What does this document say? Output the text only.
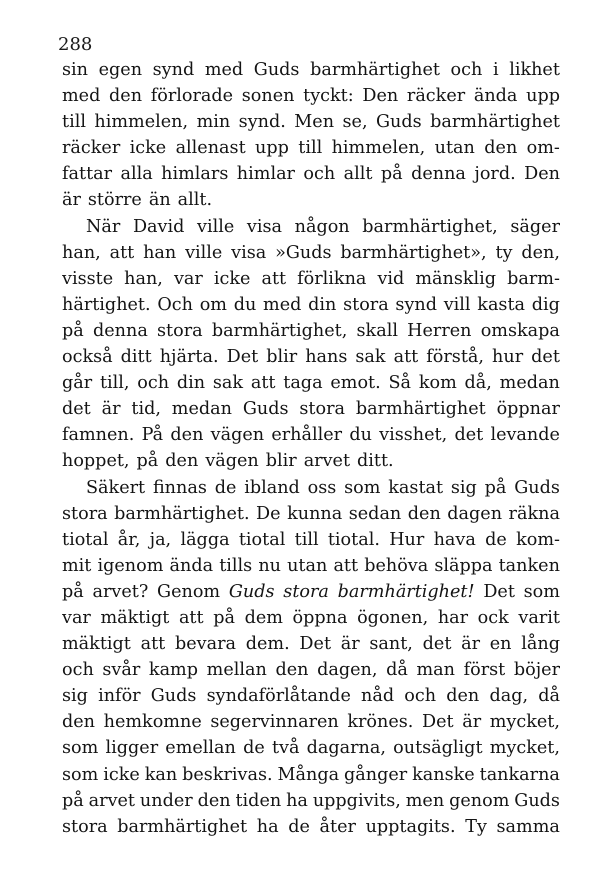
288

sin egen synd med Guds barmhärtighet och i likhet
med den förlorade sonen tyckt: Den räcker ända upp
till himmelen, min synd. Men se, Guds barmhärtighet
räcker icke allenast upp till himmelen, utan den om-
fattar alla himlars himlar och allt på denna jord. Den
är större än allt.
När David ville visa någon barmhärtighet, säger
han, att han ville visa »Guds barmhärtighet», ty den,
visste han, var icke att förlikna vid mänsklig barm-
härtighet. Och om du med din stora synd vill kasta dig
på denna stora barmhärtighet, skall Herren omskapa
också ditt hjärta. Det blir hans sak att förstå, hur det
går till, och din sak att taga emot. Så kom då, medan
det är tid, medan Guds stora barmhärtighet öppnar
famnen. På den vägen erhåller du visshet, det levande
hoppet, på den vägen blir arvet ditt.
Säkert finnas de ibland oss som kastat sig på Guds
stora barmhärtighet. De kunna sedan den dagen räkna
tiotal år, ja, lägga tiotal till tiotal. Hur hava de kom-
mit igenom ända tills nu utan att behöva släppa tanken
på arvet? Genom Guds stora barmhärtighet! Det som
var mäktigt att på dem öppna ögonen, har ock varit
mäktigt att bevara dem. Det är sant, det är en lång
och svår kamp mellan den dagen, då man först böjer
sig inför Guds syndaförlåtande nåd och den dag, då
den hemkomne segervinnaren krönes. Det är mycket,
som ligger emellan de två dagarna, outsägligt mycket,
som icke kan beskrivas. Många gånger kanske tankarna
på arvet under den tiden ha uppgivits, men genom Guds
stora barmhärtighet ha de åter upptagits. Ty samma
